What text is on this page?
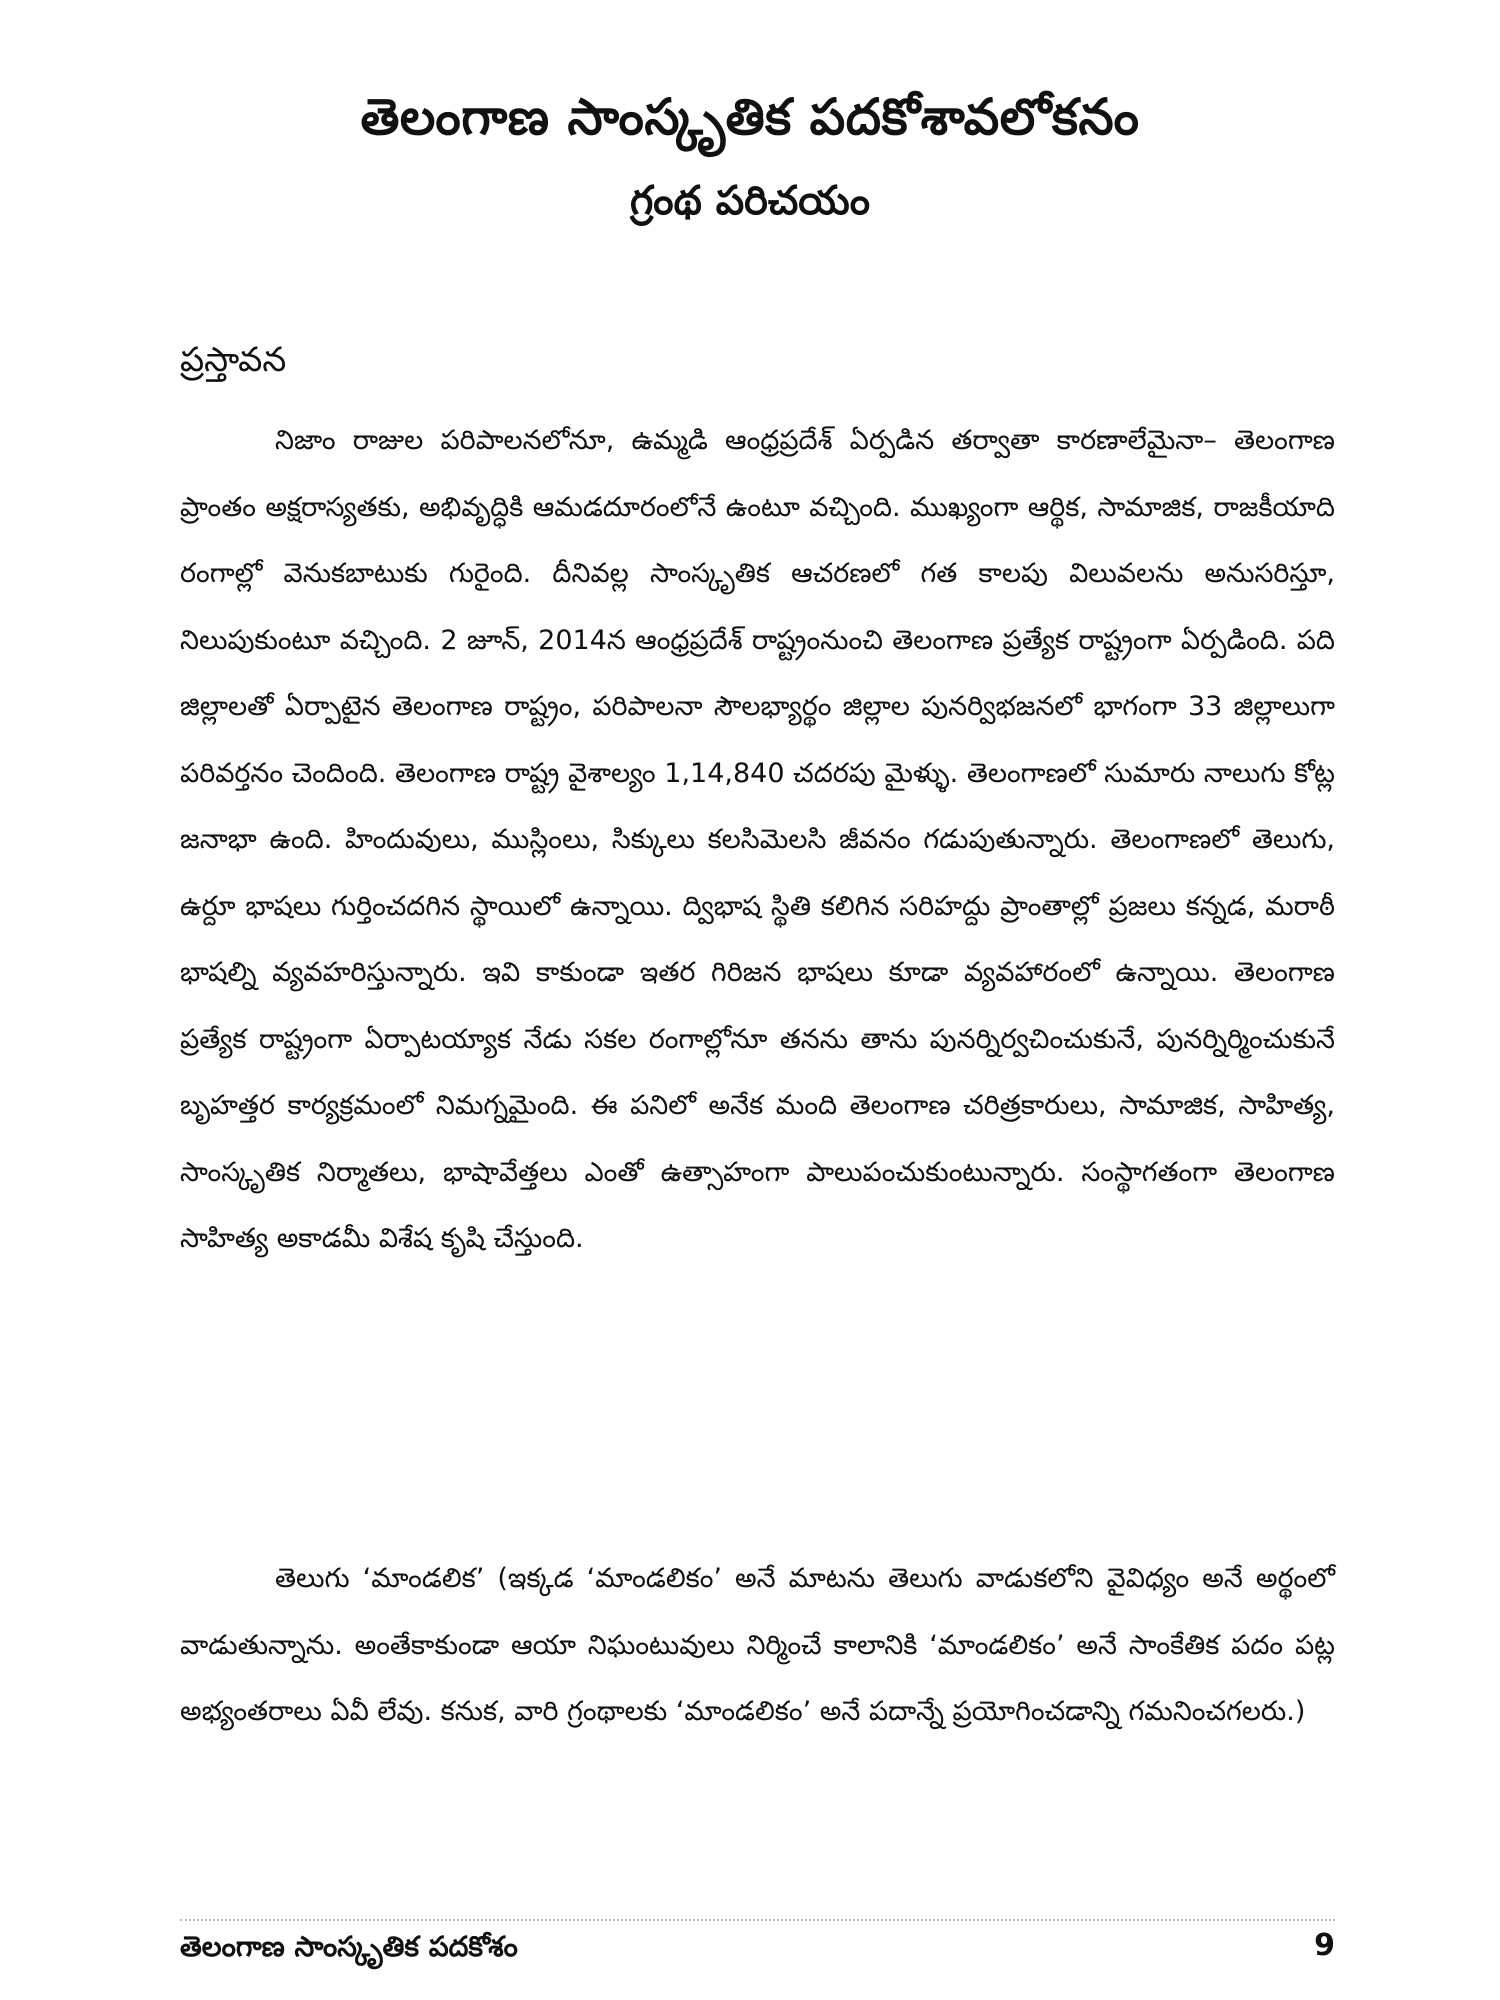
తెలంగాణ సాంస్కృతిక పదకోశావలోకనం
గ్రంథ పరిచయం
ప్రస్తావన

నిజాం రాజుల పరిపాలనలోనూ, ఉమ్మడి ఆంధ్రప్రదేశ్ ఏర్పడిన తర్వాతా కారణాలేమైనా– తెలంగాణ ప్రాంతం అక్షరాస్యతకు, అభివృద్ధికి ఆమడదూరంలోనే ఉంటూ వచ్చింది. ముఖ్యంగా ఆర్థిక, సామాజిక, రాజకీయాది రంగాల్లో వెనుకబాటుకు గురైంది. దీనివల్ల సాంస్కృతిక ఆచరణలో గత కాలపు విలువలను అనుసరిస్తూ, నిలుపుకుంటూ వచ్చింది. 2 జూన్, 2014న ఆంధ్రప్రదేశ్ రాష్ట్రంనుంచి తెలంగాణ ప్రత్యేక రాష్ట్రంగా ఏర్పడింది. పది జిల్లాలతో ఏర్పాటైన తెలంగాణ రాష్ట్రం, పరిపాలనా సౌలభ్యార్థం జిల్లాల పునర్విభజనలో భాగంగా 33 జిల్లాలుగా పరివర్తనం చెందింది. తెలంగాణ రాష్ట్ర వైశాల్యం 1,14,840 చదరపు మైళ్ళు. తెలంగాణలో సుమారు నాలుగు కోట్ల జనాభా ఉంది. హిందువులు, ముస్లింలు, సిక్కులు కలసిమెలసి జీవనం గడుపుతున్నారు. తెలంగాణలో తెలుగు, ఉర్దూ భాషలు గుర్తించదగిన స్థాయిలో ఉన్నాయి. ద్విభాష స్థితి కలిగిన సరిహద్దు ప్రాంతాల్లో ప్రజలు కన్నడ, మరాఠీ భాషల్ని వ్యవహరిస్తున్నారు. ఇవి కాకుండా ఇతర గిరిజన భాషలు కూడా వ్యవహారంలో ఉన్నాయి. తెలంగాణ ప్రత్యేక రాష్ట్రంగా ఏర్పాటయ్యాక నేడు సకల రంగాల్లోనూ తనను తాను పునర్నిర్వచించుకునే, పునర్నిర్మించుకునే బృహత్తర కార్యక్రమంలో నిమగ్నమైంది. ఈ పనిలో అనేక మంది తెలంగాణ చరిత్రకారులు, సామాజిక, సాహిత్య, సాంస్కృతిక నిర్మాతలు, భాషావేత్తలు ఎంతో ఉత్సాహంగా పాలుపంచుకుంటున్నారు. సంస్థాగతంగా తెలంగాణ సాహిత్య అకాడమీ విశేష కృషి చేస్తుంది.

తెలుగు ‘మాండలిక’ (ఇక్కడ ‘మాండలికం’ అనే మాటను తెలుగు వాడుకలోని వైవిధ్యం అనే అర్థంలో వాడుతున్నాను. అంతేకాకుండా ఆయా నిఘంటువులు నిర్మించే కాలానికి ‘మాండలికం’ అనే సాంకేతిక పదం పట్ల అభ్యంతరాలు ఏవీ లేవు. కనుక, వారి గ్రంథాలకు ‘మాండలికం’ అనే పదాన్నే ప్రయోగించడాన్ని గమనించగలరు.)

తెలంగాణ సాంస్కృతిక పదకోశం	9
